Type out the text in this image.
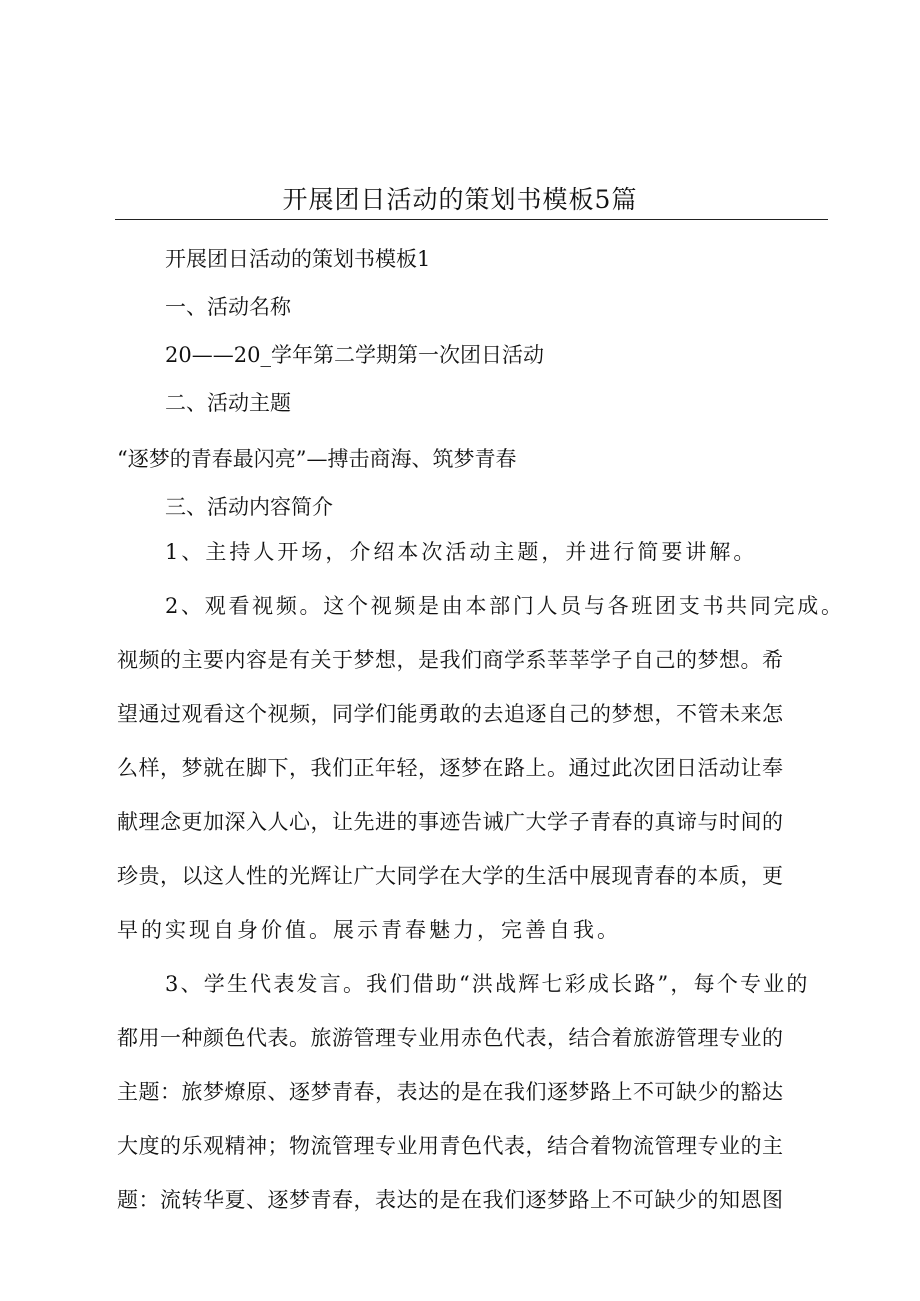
开展团日活动的策划书模板5篇

开展团日活动的策划书模板1

一、活动名称

20——20_学年第二学期第一次团日活动

二、活动主题

“逐梦的青春最闪亮”—搏击商海、筑梦青春

三、活动内容简介

1、主持人开场，介绍本次活动主题，并进行简要讲解。

2、观看视频。这个视频是由本部门人员与各班团支书共同完成。

视频的主要内容是有关于梦想，是我们商学系莘莘学子自己的梦想。希

望通过观看这个视频，同学们能勇敢的去追逐自己的梦想，不管未来怎

么样，梦就在脚下，我们正年轻，逐梦在路上。通过此次团日活动让奉

献理念更加深入人心，让先进的事迹告诫广大学子青春的真谛与时间的

珍贵，以这人性的光辉让广大同学在大学的生活中展现青春的本质，更

早的实现自身价值。展示青春魅力，完善自我。

3、学生代表发言。我们借助“洪战辉七彩成长路”，每个专业的

都用一种颜色代表。旅游管理专业用赤色代表，结合着旅游管理专业的

主题：旅梦燎原、逐梦青春，表达的是在我们逐梦路上不可缺少的豁达

大度的乐观精神；物流管理专业用青色代表，结合着物流管理专业的主

题：流转华夏、逐梦青春，表达的是在我们逐梦路上不可缺少的知恩图
